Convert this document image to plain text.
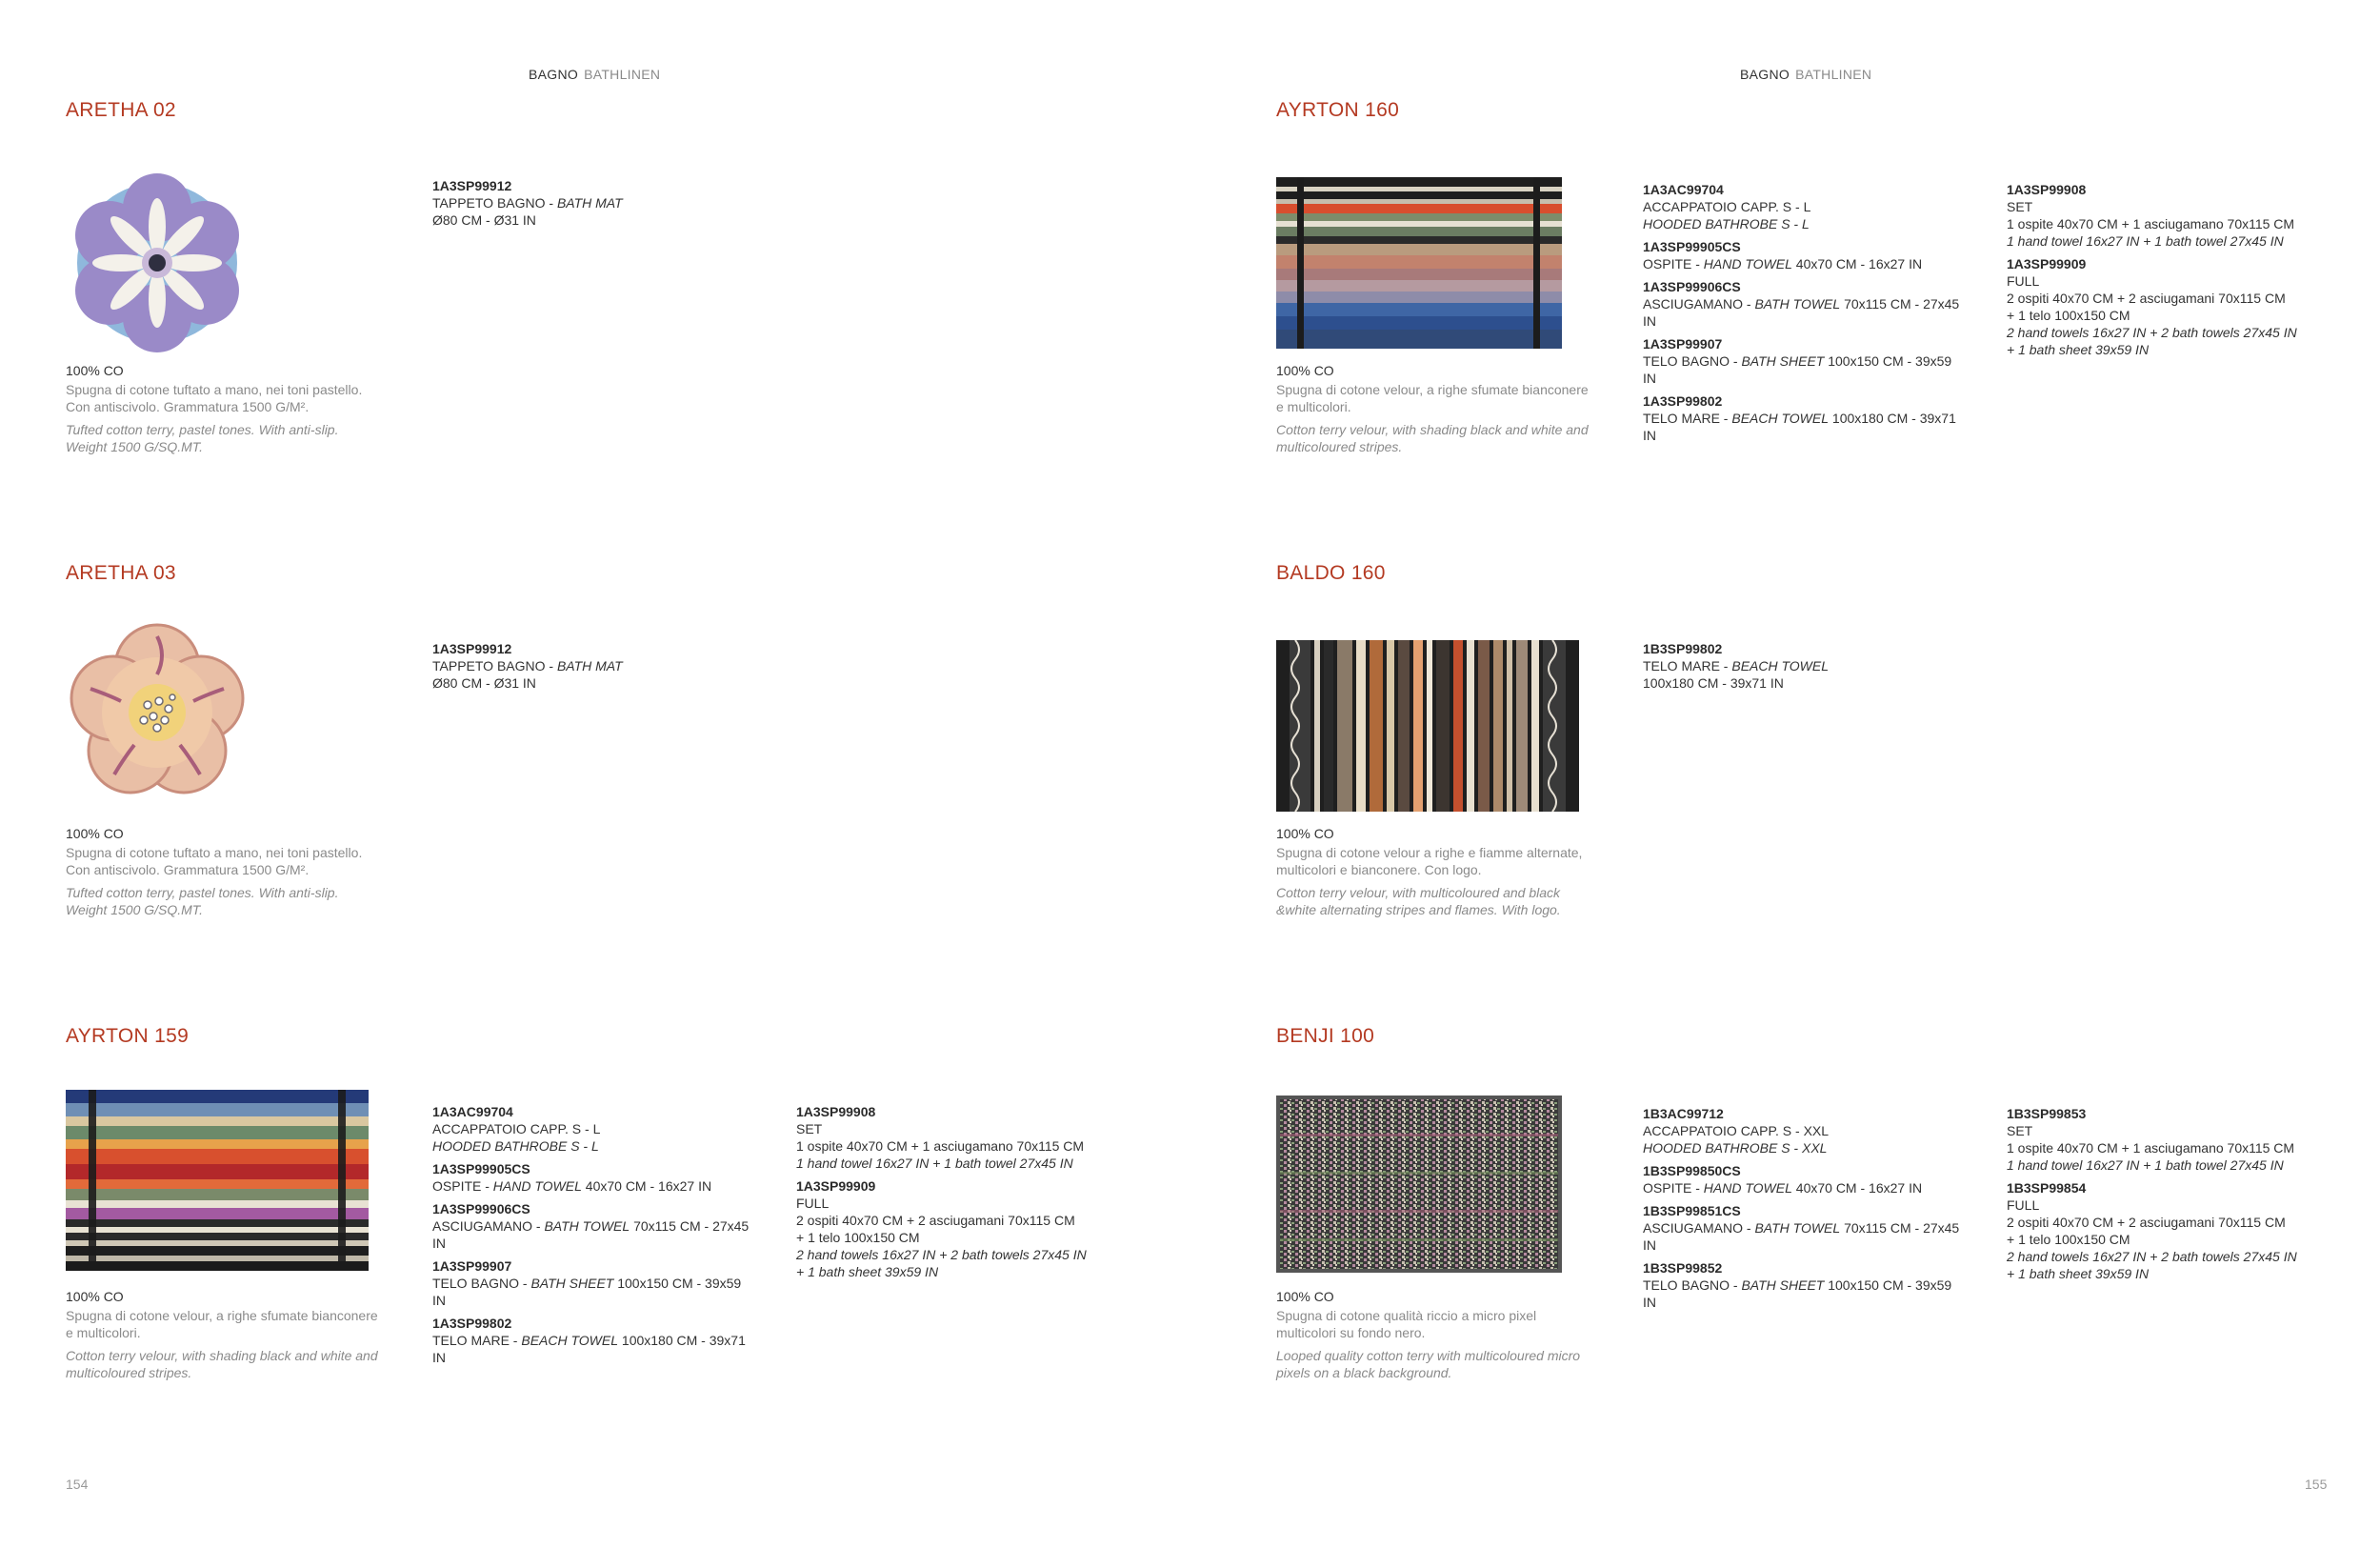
BAGNO BATHLINEN
ARETHA 02
100% CO
Spugna di cotone tuftato a mano, nei toni pastello. Con antiscivolo. Grammatura 1500 G/M².
Tufted cotton terry, pastel tones. With anti-slip. Weight 1500 G/SQ.MT.
1A3SP99912
TAPPETO BAGNO - BATH MAT
Ø80 CM - Ø31 IN
ARETHA 03
100% CO
Spugna di cotone tuftato a mano, nei toni pastello. Con antiscivolo. Grammatura 1500 G/M².
Tufted cotton terry, pastel tones. With anti-slip. Weight 1500 G/SQ.MT.
1A3SP99912
TAPPETO BAGNO - BATH MAT
Ø80 CM - Ø31 IN
AYRTON 159
100% CO
Spugna di cotone velour, a righe sfumate bianconere e multicolori.
Cotton terry velour, with shading black and white and multicoloured stripes.
1A3AC99704
ACCAPPATOIO CAPP. S - L
HOODED BATHROBE S - L
1A3SP99905CS
OSPITE - HAND TOWEL 40x70 CM - 16x27 IN
1A3SP99906CS
ASCIUGAMANO - BATH TOWEL 70x115 CM - 27x45 IN
1A3SP99907
TELO BAGNO - BATH SHEET 100x150 CM - 39x59 IN
1A3SP99802
TELO MARE - BEACH TOWEL 100x180 CM - 39x71 IN
1A3SP99908
SET
1 ospite 40x70 CM + 1 asciugamano 70x115 CM
1 hand towel 16x27 IN + 1 bath towel 27x45 IN
1A3SP99909
FULL
2 ospiti 40x70 CM + 2 asciugamani 70x115 CM
+ 1 telo 100x150 CM
2 hand towels 16x27 IN + 2 bath towels 27x45 IN
+ 1 bath sheet 39x59 IN
154
BAGNO BATHLINEN
AYRTON 160
100% CO
Spugna di cotone velour, a righe sfumate bianconere e multicolori.
Cotton terry velour, with shading black and white and multicoloured stripes.
1A3AC99704
ACCAPPATOIO CAPP. S - L
HOODED BATHROBE S - L
1A3SP99905CS
OSPITE - HAND TOWEL 40x70 CM - 16x27 IN
1A3SP99906CS
ASCIUGAMANO - BATH TOWEL 70x115 CM - 27x45 IN
1A3SP99907
TELO BAGNO - BATH SHEET 100x150 CM - 39x59 IN
1A3SP99802
TELO MARE - BEACH TOWEL 100x180 CM - 39x71 IN
1A3SP99908
SET
1 ospite 40x70 CM + 1 asciugamano 70x115 CM
1 hand towel 16x27 IN + 1 bath towel 27x45 IN
1A3SP99909
FULL
2 ospiti 40x70 CM + 2 asciugamani 70x115 CM
+ 1 telo 100x150 CM
2 hand towels 16x27 IN + 2 bath towels 27x45 IN
+ 1 bath sheet 39x59 IN
BALDO 160
100% CO
Spugna di cotone velour a righe e fiamme alternate, multicolori e bianconere. Con logo.
Cotton terry velour, with multicoloured and black &white alternating stripes and flames. With logo.
1B3SP99802
TELO MARE - BEACH TOWEL
100x180 CM - 39x71 IN
BENJI 100
100% CO
Spugna di cotone qualità riccio a micro pixel multicolori su fondo nero.
Looped quality cotton terry with multicoloured micro pixels on a black background.
1B3AC99712
ACCAPPATOIO CAPP. S - XXL
HOODED BATHROBE S - XXL
1B3SP99850CS
OSPITE - HAND TOWEL 40x70 CM - 16x27 IN
1B3SP99851CS
ASCIUGAMANO - BATH TOWEL 70x115 CM - 27x45 IN
1B3SP99852
TELO BAGNO - BATH SHEET 100x150 CM - 39x59 IN
1B3SP99853
SET
1 ospite 40x70 CM + 1 asciugamano 70x115 CM
1 hand towel 16x27 IN + 1 bath towel 27x45 IN
1B3SP99854
FULL
2 ospiti 40x70 CM + 2 asciugamani 70x115 CM
+ 1 telo 100x150 CM
2 hand towels 16x27 IN + 2 bath towels 27x45 IN
+ 1 bath sheet 39x59 IN
155
